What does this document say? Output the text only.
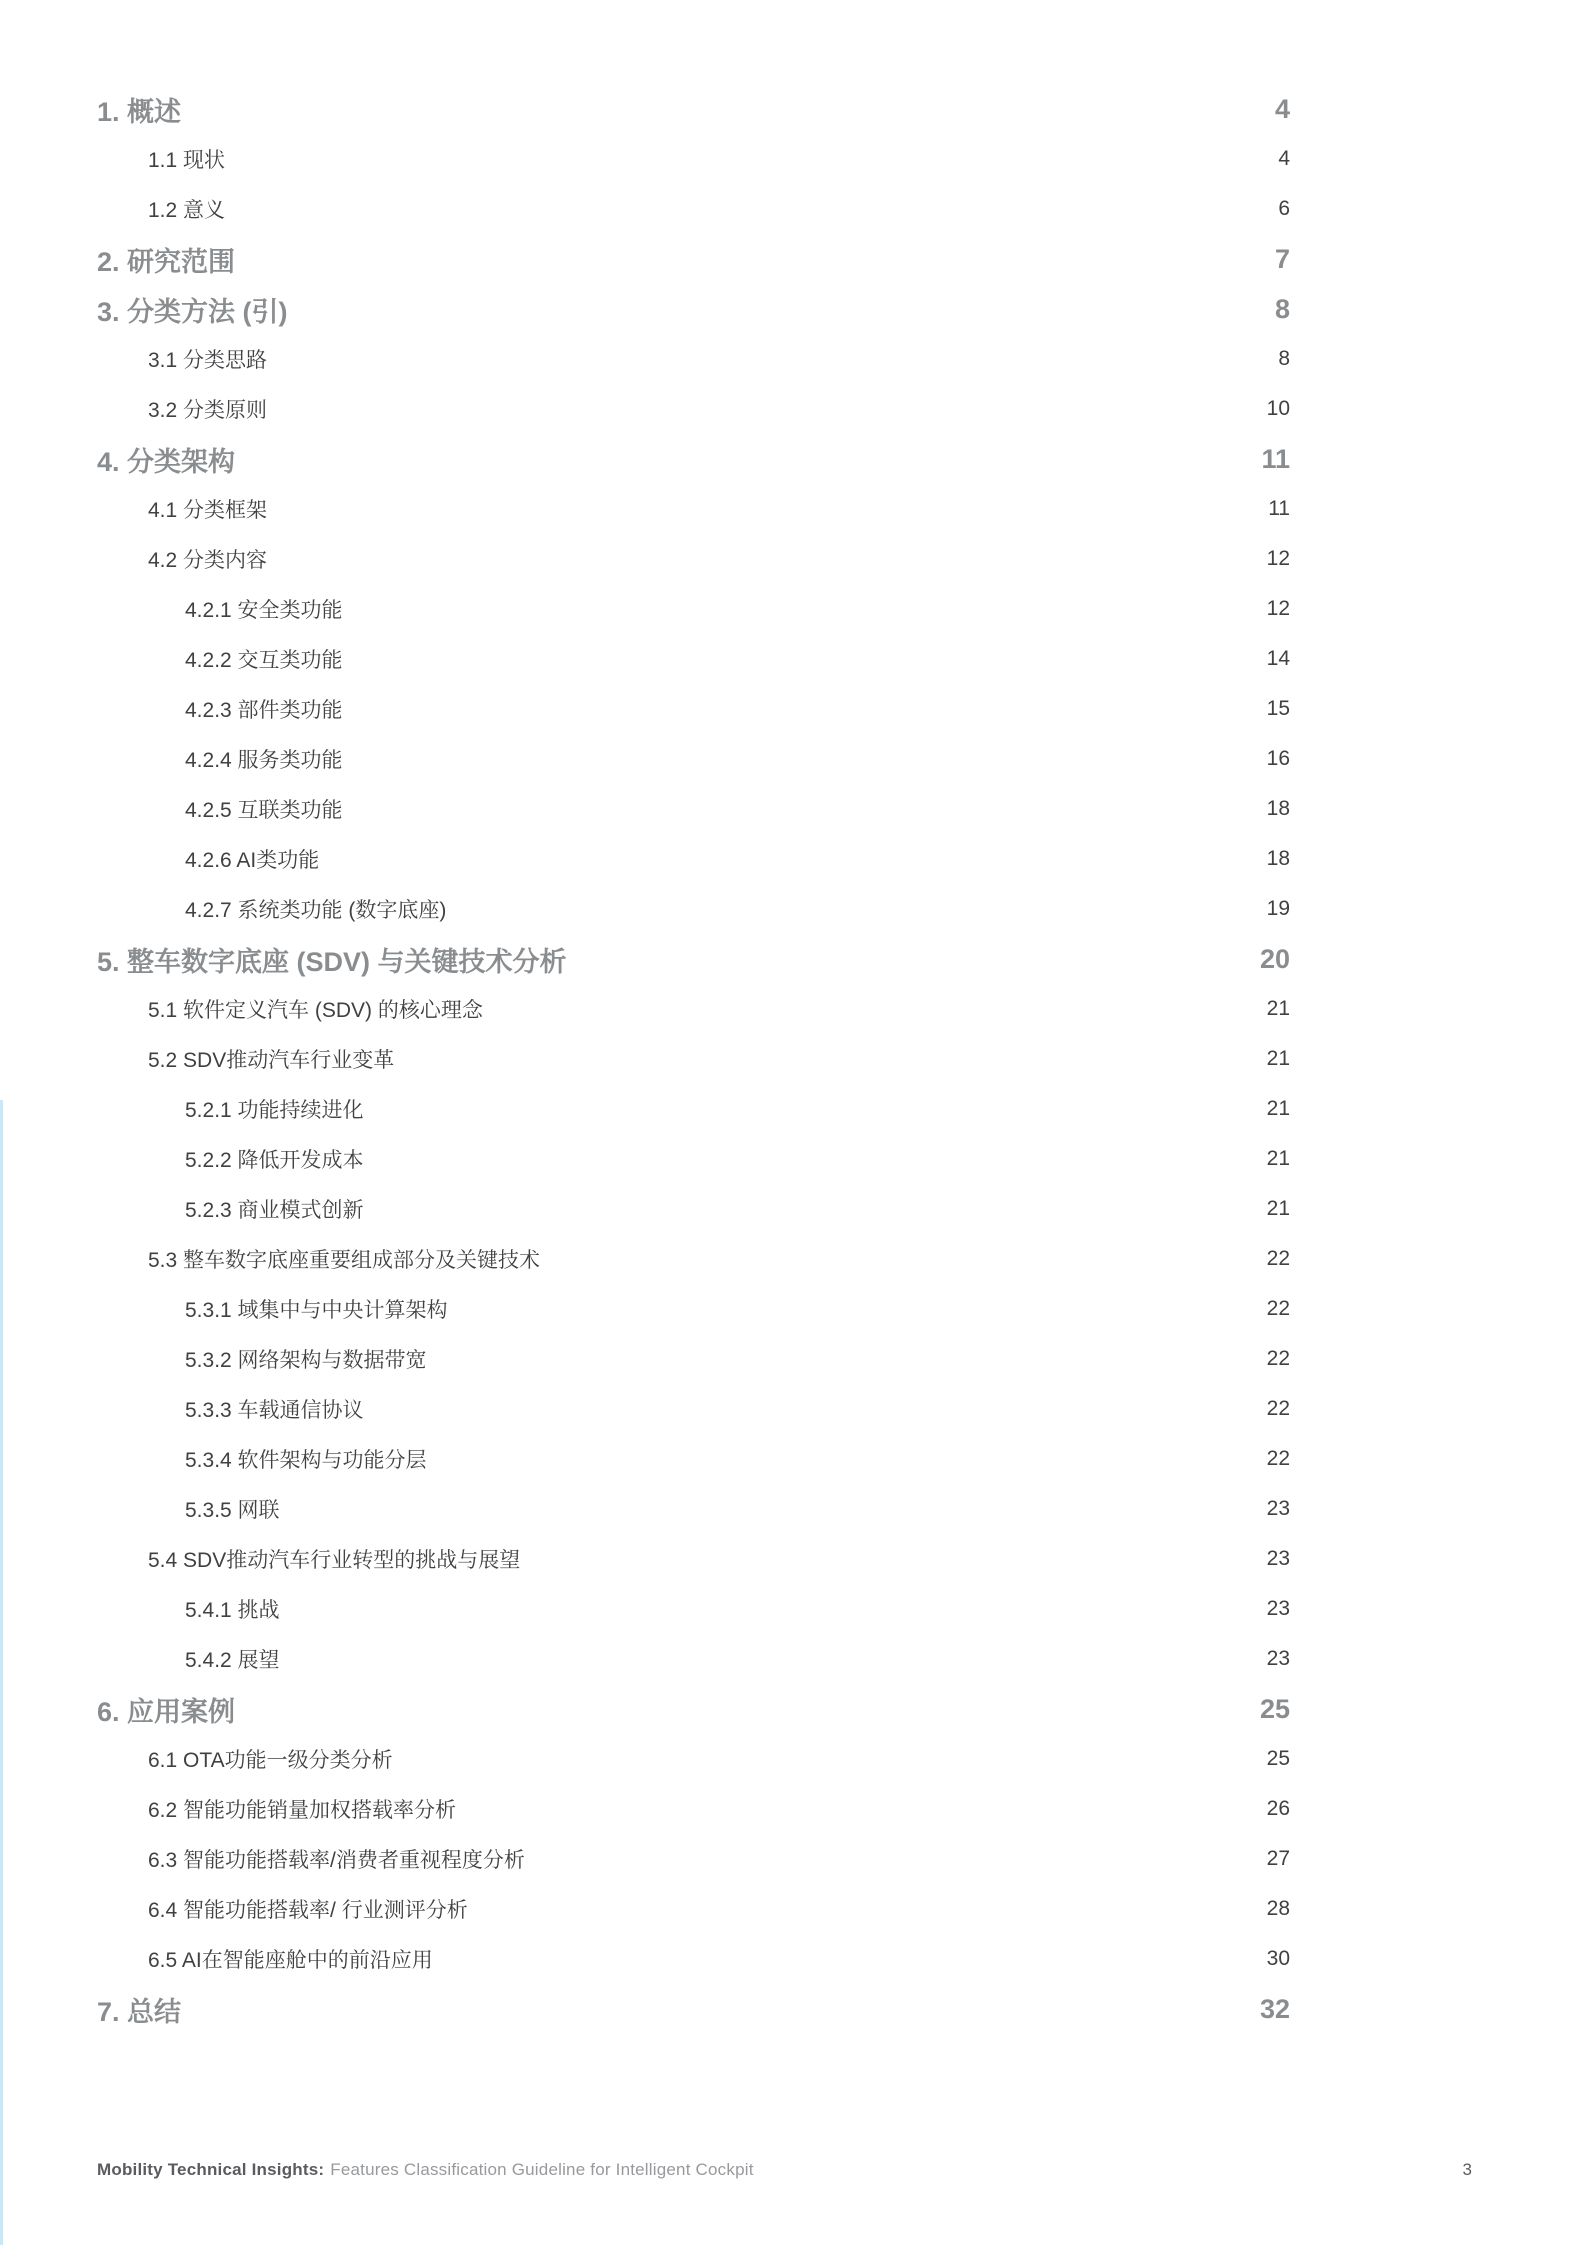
1. 概述	4
1.1 现状	4
1.2 意义	6
2. 研究范围	7
3. 分类方法 (引)	8
3.1 分类思路	8
3.2 分类原则	10
4. 分类架构	11
4.1 分类框架	11
4.2 分类内容	12
4.2.1 安全类功能	12
4.2.2 交互类功能	14
4.2.3 部件类功能	15
4.2.4 服务类功能	16
4.2.5 互联类功能	18
4.2.6 AI类功能	18
4.2.7 系统类功能 (数字底座)	19
5. 整车数字底座 (SDV) 与关键技术分析	20
5.1 软件定义汽车 (SDV) 的核心理念	21
5.2 SDV推动汽车行业变革	21
5.2.1 功能持续进化	21
5.2.2 降低开发成本	21
5.2.3 商业模式创新	21
5.3 整车数字底座重要组成部分及关键技术	22
5.3.1 域集中与中央计算架构	22
5.3.2 网络架构与数据带宽	22
5.3.3 车载通信协议	22
5.3.4 软件架构与功能分层	22
5.3.5 网联	23
5.4 SDV推动汽车行业转型的挑战与展望	23
5.4.1 挑战	23
5.4.2 展望	23
6. 应用案例	25
6.1 OTA功能一级分类分析	25
6.2 智能功能销量加权搭载率分析	26
6.3 智能功能搭载率/消费者重视程度分析	27
6.4 智能功能搭载率/ 行业测评分析	28
6.5 AI在智能座舱中的前沿应用	30
7. 总结	32
Mobility Technical Insights: Features Classification Guideline for Intelligent Cockpit	3
